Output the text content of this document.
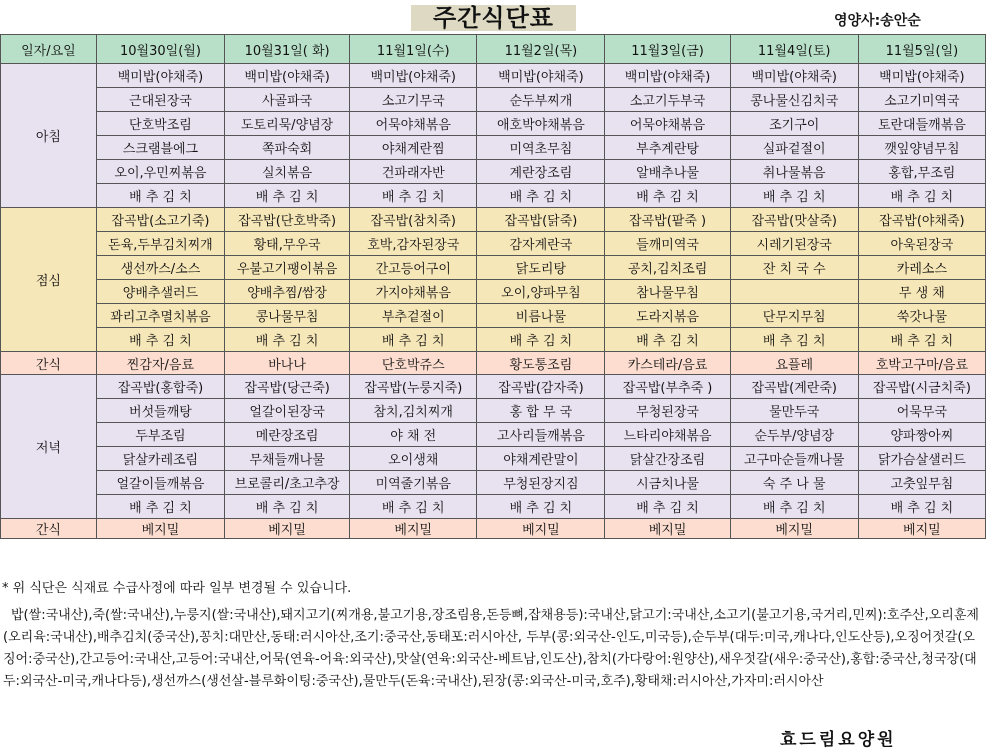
주간식단표	영양사:송안순
일자/요일	10월30일(월)	10월31일( 화)	11월1일(수)	11월2일(목)	11월3일(금)	11월4일(토)	11월5일(일)
아침	백미밥(야채죽)	백미밥(야채죽)	백미밥(야채죽)	백미밥(야채죽)	백미밥(야채죽)	백미밥(야채죽)	백미밥(야채죽)
	근대된장국	사골파국	소고기무국	순두부찌개	소고기두부국	콩나물신김치국	소고기미역국
	단호박조림	도토리묵/양념장	어묵야채볶음	애호박야채볶음	어묵야채볶음	조기구이	토란대들깨볶음
	스크램블에그	쪽파숙회	야채계란찜	미역초무침	부추계란탕	실파겉절이	깻잎양념무침
	오이,우민찌볶음	실치볶음	건파래자반	계란장조림	알배추나물	취나물볶음	홍합,무조림
	배 추 김 치	배 추 김 치	배 추 김 치	배 추 김 치	배 추 김 치	배 추 김 치	배 추 김 치
점심	잡곡밥(소고기죽)	잡곡밥(단호박죽)	잡곡밥(참치죽)	잡곡밥(닭죽)	잡곡밥(팥죽 )	잡곡밥(맛살죽)	잡곡밥(야채죽)
	돈육,두부김치찌개	황태,무우국	호박,감자된장국	감자계란국	들깨미역국	시레기된장국	아욱된장국
	생선까스/소스	우불고기팽이볶음	간고등어구이	닭도리탕	공치,김치조림	잔 치 국 수	카레소스
	양배추샐러드	양배추찜/쌈장	가지야채볶음	오이,양파무침	참나물무침		무 생 채
	꽈리고추멸치볶음	콩나물무침	부추겉절이	비름나물	도라지볶음	단무지무침	쑥갓나물
	배 추 김 치	배 추 김 치	배 추 김 치	배 추 김 치	배 추 김 치	배 추 김 치	배 추 김 치
간식	찐감자/음료	바나나	단호박쥬스	황도통조림	카스테라/음료	요플레	호박고구마/음료
저녁	잡곡밥(홍합죽)	잡곡밥(당근죽)	잡곡밥(누룽지죽)	잡곡밥(감자죽)	잡곡밥(부추죽 )	잡곡밥(계란죽)	잡곡밥(시금치죽)
	버섯들깨탕	얼갈이된장국	참치,김치찌개	홍 합 무 국	무청된장국	물만두국	어묵무국
	두부조림	메란장조림	야 채 전	고사리들깨볶음	느타리야채볶음	순두부/양념장	양파짱아찌
	닭살카레조림	무채들깨나물	오이생채	야채계란말이	닭살간장조림	고구마순들깨나물	닭가슴살샐러드
	얼갈이들깨볶음	브로콜리/초고추장	미역줄기볶음	무청된장지짐	시금치나물	숙 주 나 물	고춧잎무침
	배 추 김 치	배 추 김 치	배 추 김 치	배 추 김 치	배 추 김 치	배 추 김 치	배 추 김 치
간식	베지밀	베지밀	베지밀	베지밀	베지밀	베지밀	베지밀
* 위 식단은 식재료 수급사정에 따라 일부 변경될 수 있습니다.
밥(쌀:국내산),죽(쌀:국내산),누룽지(쌀:국내산),돼지고기(찌개용,불고기용,장조림용,돈등뼈,잡채용등):국내산,닭고기:국내산,소고기(불고기용,국거리,민찌):호주산,오리훈제(오리육:국내산),배추김치(중국산),꽁치:대만산,동태:러시아산,조기:중국산,동태포:러시아산, 두부(콩:외국산-인도,미국등),순두부(대두:미국,캐나다,인도산등),오징어젓갈(오징어:중국산),간고등어:국내산,고등어:국내산,어묵(연육-어육:외국산),맛살(연육:외국산-베트남,인도산),참치(가다랑어:원양산),새우젓갈(새우:중국산),홍합:중국산,청국장(대두:외국산-미국,캐나다등),생선까스(생선살-블루화이팅:중국산),물만두(돈육:국내산),된장(콩:외국산-미국,호주),황태채:러시아산,가자미:러시아산
효드림요양원
